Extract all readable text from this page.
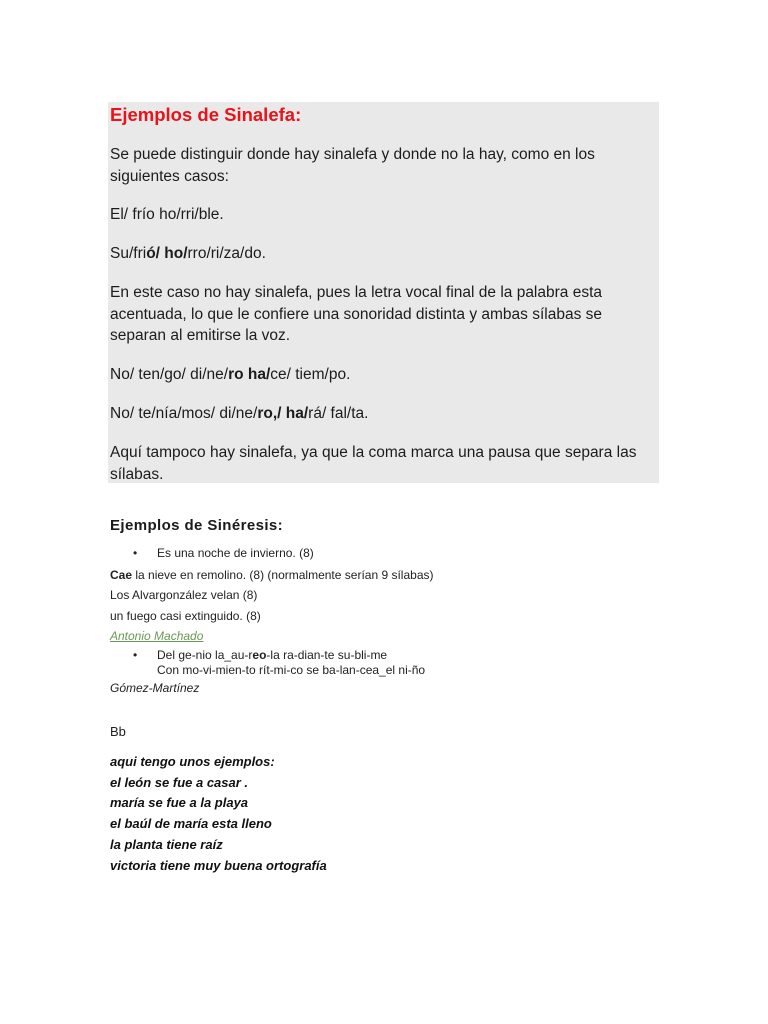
Ejemplos de Sinalefa:

Se puede distinguir donde hay sinalefa y donde no la hay, como en los siguientes casos:

El/ frío ho/rri/ble.

Su/frió/ ho/rro/ri/za/do.

En este caso no hay sinalefa, pues la letra vocal final de la palabra esta acentuada, lo que le confiere una sonoridad distinta y ambas sílabas se separan al emitirse la voz.

No/ ten/go/ di/ne/ro ha/ce/ tiem/po.

No/ te/nía/mos/ di/ne/ro,/ ha/rá/ fal/ta.

Aquí tampoco hay sinalefa, ya que la coma marca una pausa que separa las sílabas.

Ejemplos de Sinéresis:
• Es una noche de invierno. (8)
Cae la nieve en remolino. (8) (normalmente serían 9 sílabas)
Los Alvargonzález velan (8)
un fuego casi extinguido. (8)
Antonio Machado
• Del ge-nio la_au-reo-la ra-dian-te su-bli-me
Con mo-vi-mien-to rít-mi-co se ba-lan-cea_el ni-ño
Gómez-Martínez
Bb
aqui tengo unos ejemplos:
el león se fue a casar .
maría se fue a la playa
el baúl de maría esta lleno
la planta tiene raíz
victoria tiene muy buena ortografía
